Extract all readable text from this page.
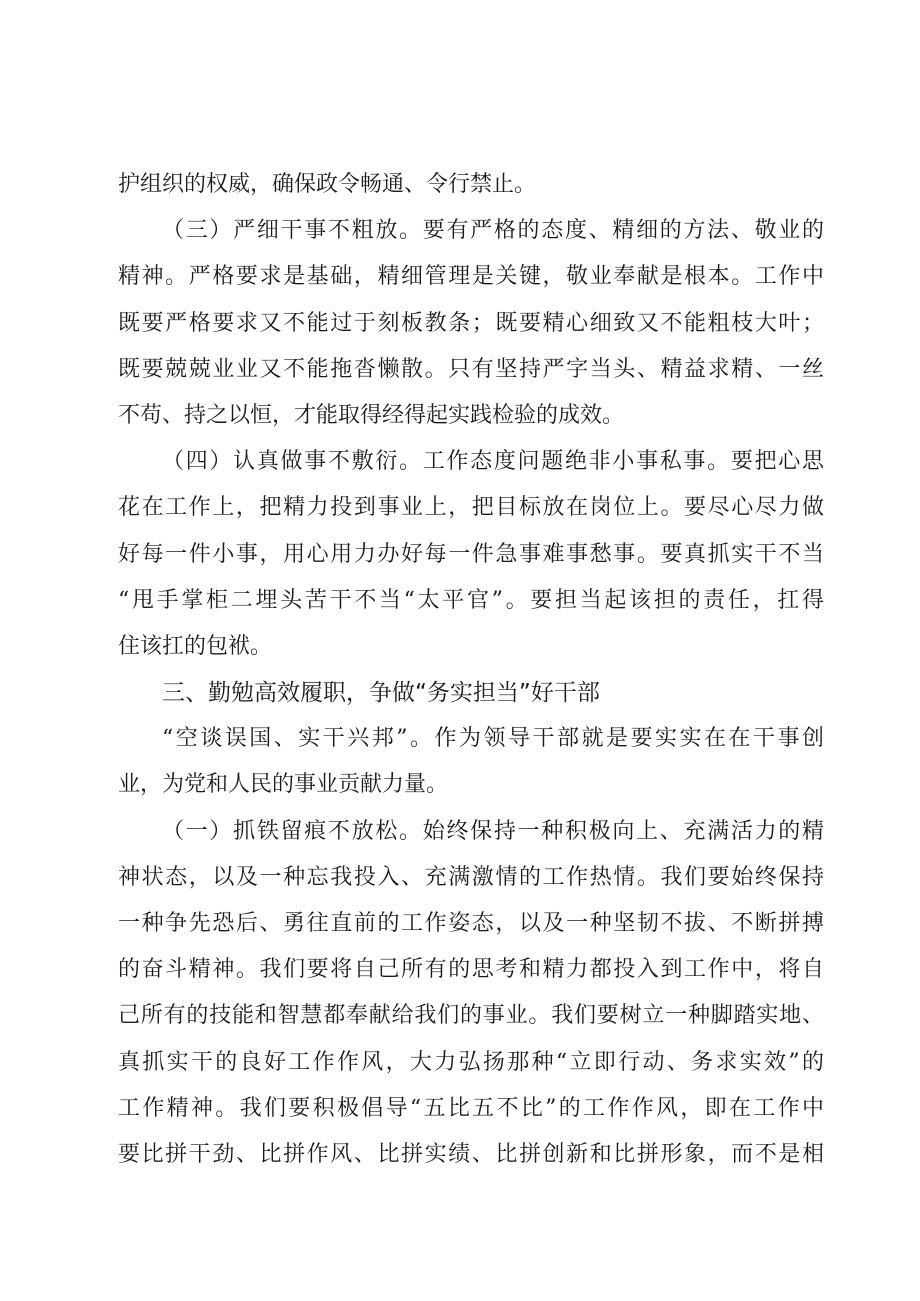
护组织的权威，确保政令畅通、令行禁止。
（三）严细干事不粗放。要有严格的态度、精细的方法、敬业的
精神。严格要求是基础，精细管理是关键，敬业奉献是根本。工作中
既要严格要求又不能过于刻板教条；既要精心细致又不能粗枝大叶；
既要兢兢业业又不能拖沓懒散。只有坚持严字当头、精益求精、一丝
不苟、持之以恒，才能取得经得起实践检验的成效。
（四）认真做事不敷衍。工作态度问题绝非小事私事。要把心思
花在工作上，把精力投到事业上，把目标放在岗位上。要尽心尽力做
好每一件小事，用心用力办好每一件急事难事愁事。要真抓实干不当
“甩手掌柜二埋头苦干不当“太平官”。要担当起该担的责任，扛得
住该扛的包袱。
三、勤勉高效履职，争做“务实担当”好干部
“空谈误国、实干兴邦”。作为领导干部就是要实实在在干事创
业，为党和人民的事业贡献力量。
（一）抓铁留痕不放松。始终保持一种积极向上、充满活力的精
神状态，以及一种忘我投入、充满激情的工作热情。我们要始终保持
一种争先恐后、勇往直前的工作姿态，以及一种坚韧不拔、不断拼搏
的奋斗精神。我们要将自己所有的思考和精力都投入到工作中，将自
己所有的技能和智慧都奉献给我们的事业。我们要树立一种脚踏实地、
真抓实干的良好工作作风，大力弘扬那种“立即行动、务求实效”的
工作精神。我们要积极倡导“五比五不比”的工作作风，即在工作中
要比拼干劲、比拼作风、比拼实绩、比拼创新和比拼形象，而不是相
